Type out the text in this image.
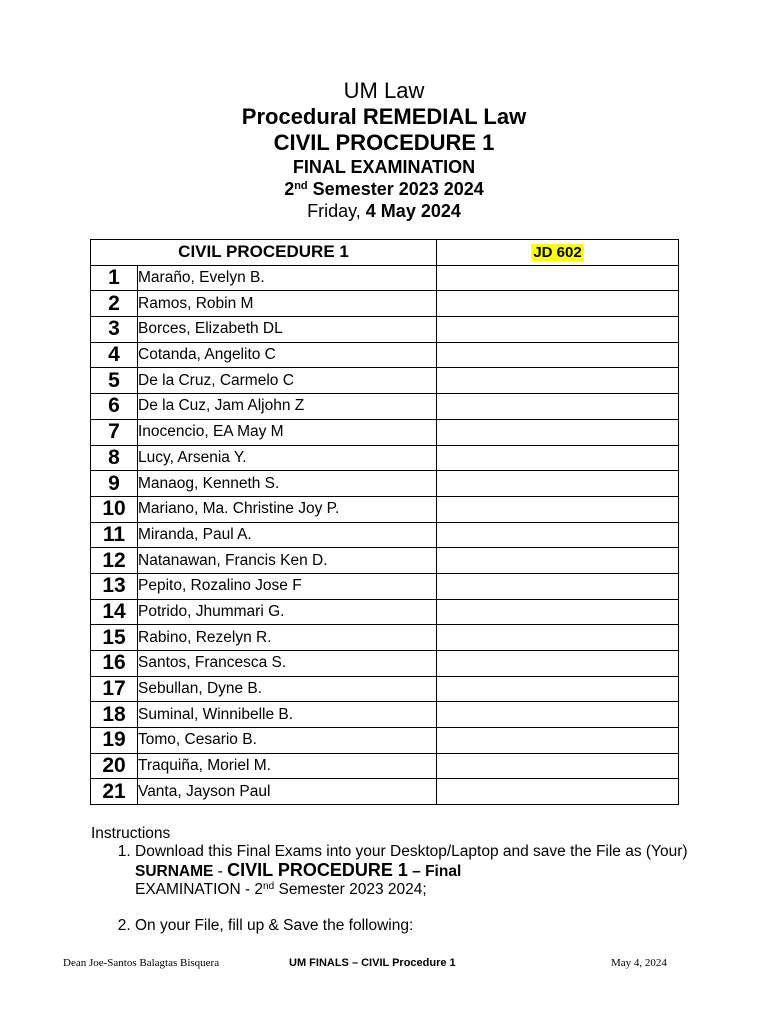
UM Law

Procedural REMEDIAL Law

CIVIL PROCEDURE 1

FINAL EXAMINATION

2nd Semester 2023 2024

Friday, 4 May 2024

CIVIL PROCEDURE 1		JD 602
1	Maraño, Evelyn B.	
2	Ramos, Robin M	
3	Borces, Elizabeth DL	
4	Cotanda, Angelito C	
5	De la Cruz, Carmelo C	
6	De la Cuz, Jam Aljohn Z	
7	Inocencio, EA May M	
8	Lucy, Arsenia Y.	
9	Manaog, Kenneth S.	
10	Mariano, Ma. Christine Joy P.	
11	Miranda, Paul A.	
12	Natanawan, Francis Ken D.	
13	Pepito, Rozalino Jose F	
14	Potrido, Jhummari G.	
15	Rabino, Rezelyn R.	
16	Santos, Francesca S.	
17	Sebullan, Dyne B.	
18	Suminal, Winnibelle B.	
19	Tomo, Cesario B.	
20	Traquiña, Moriel M.	
21	Vanta, Jayson Paul	

Instructions

1. Download this Final Exams into your Desktop/Laptop and save the File as (Your) SURNAME - CIVIL PROCEDURE 1 – Final
EXAMINATION - 2nd Semester 2023 2024;
2. On your File, fill up & Save the following:
Dean Joe-Santos Balagtas Bisquera	UM FINALS – CIVIL Procedure 1	May 4, 2024
